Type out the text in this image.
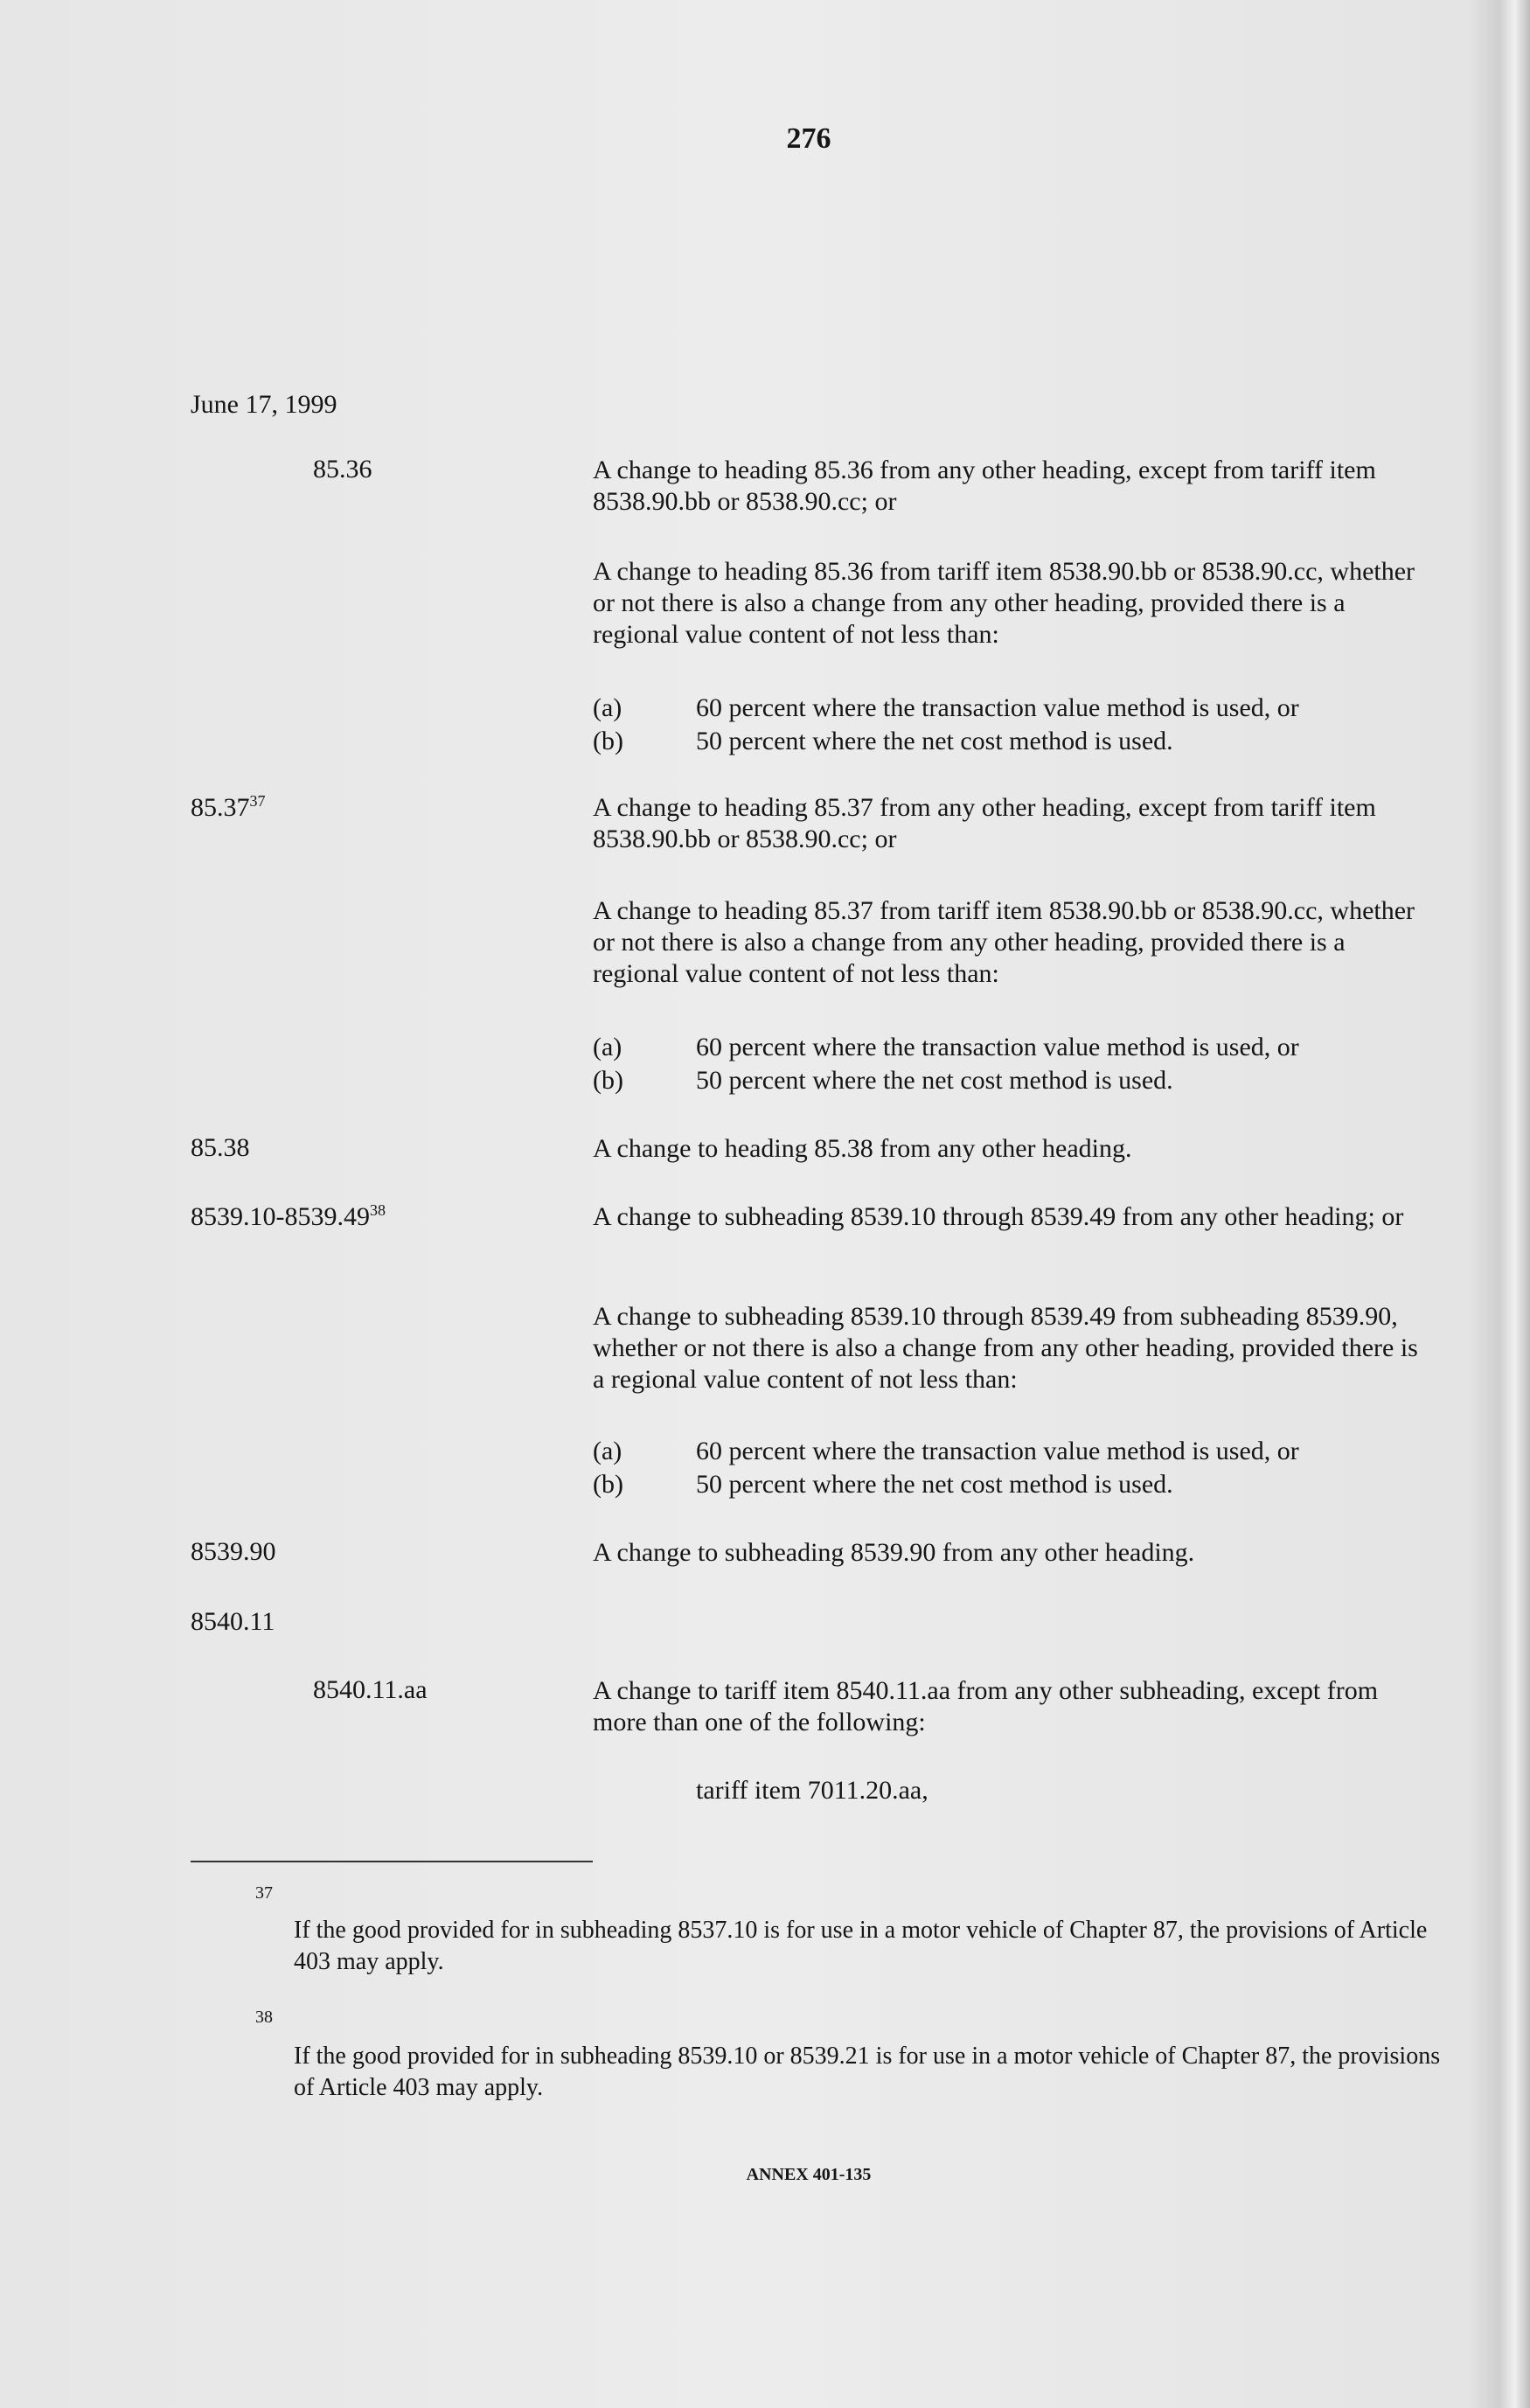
276
June 17, 1999
85.36	A change to heading 85.36 from any other heading, except from tariff item 8538.90.bb or 8538.90.cc; or
A change to heading 85.36 from tariff item 8538.90.bb or 8538.90.cc, whether or not there is also a change from any other heading, provided there is a regional value content of not less than:
(a)	60 percent where the transaction value method is used, or
(b)	50 percent where the net cost method is used.
85.37$^{37}$	A change to heading 85.37 from any other heading, except from tariff item 8538.90.bb or 8538.90.cc; or
A change to heading 85.37 from tariff item 8538.90.bb or 8538.90.cc, whether or not there is also a change from any other heading, provided there is a regional value content of not less than:
(a)	60 percent where the transaction value method is used, or
(b)	50 percent where the net cost method is used.
85.38	A change to heading 85.38 from any other heading.
8539.10-8539.49$^{38}$	A change to subheading 8539.10 through 8539.49 from any other heading; or
A change to subheading 8539.10 through 8539.49 from subheading 8539.90, whether or not there is also a change from any other heading, provided there is a regional value content of not less than:
(a)	60 percent where the transaction value method is used, or
(b)	50 percent where the net cost method is used.
8539.90	A change to subheading 8539.90 from any other heading.
8540.11
8540.11.aa	A change to tariff item 8540.11.aa from any other subheading, except from more than one of the following:
tariff item 7011.20.aa,
37
If the good provided for in subheading 8537.10 is for use in a motor vehicle of Chapter 87, the provisions of Article 403 may apply.
38
If the good provided for in subheading 8539.10 or 8539.21 is for use in a motor vehicle of Chapter 87, the provisions of Article 403 may apply.
ANNEX 401-135
